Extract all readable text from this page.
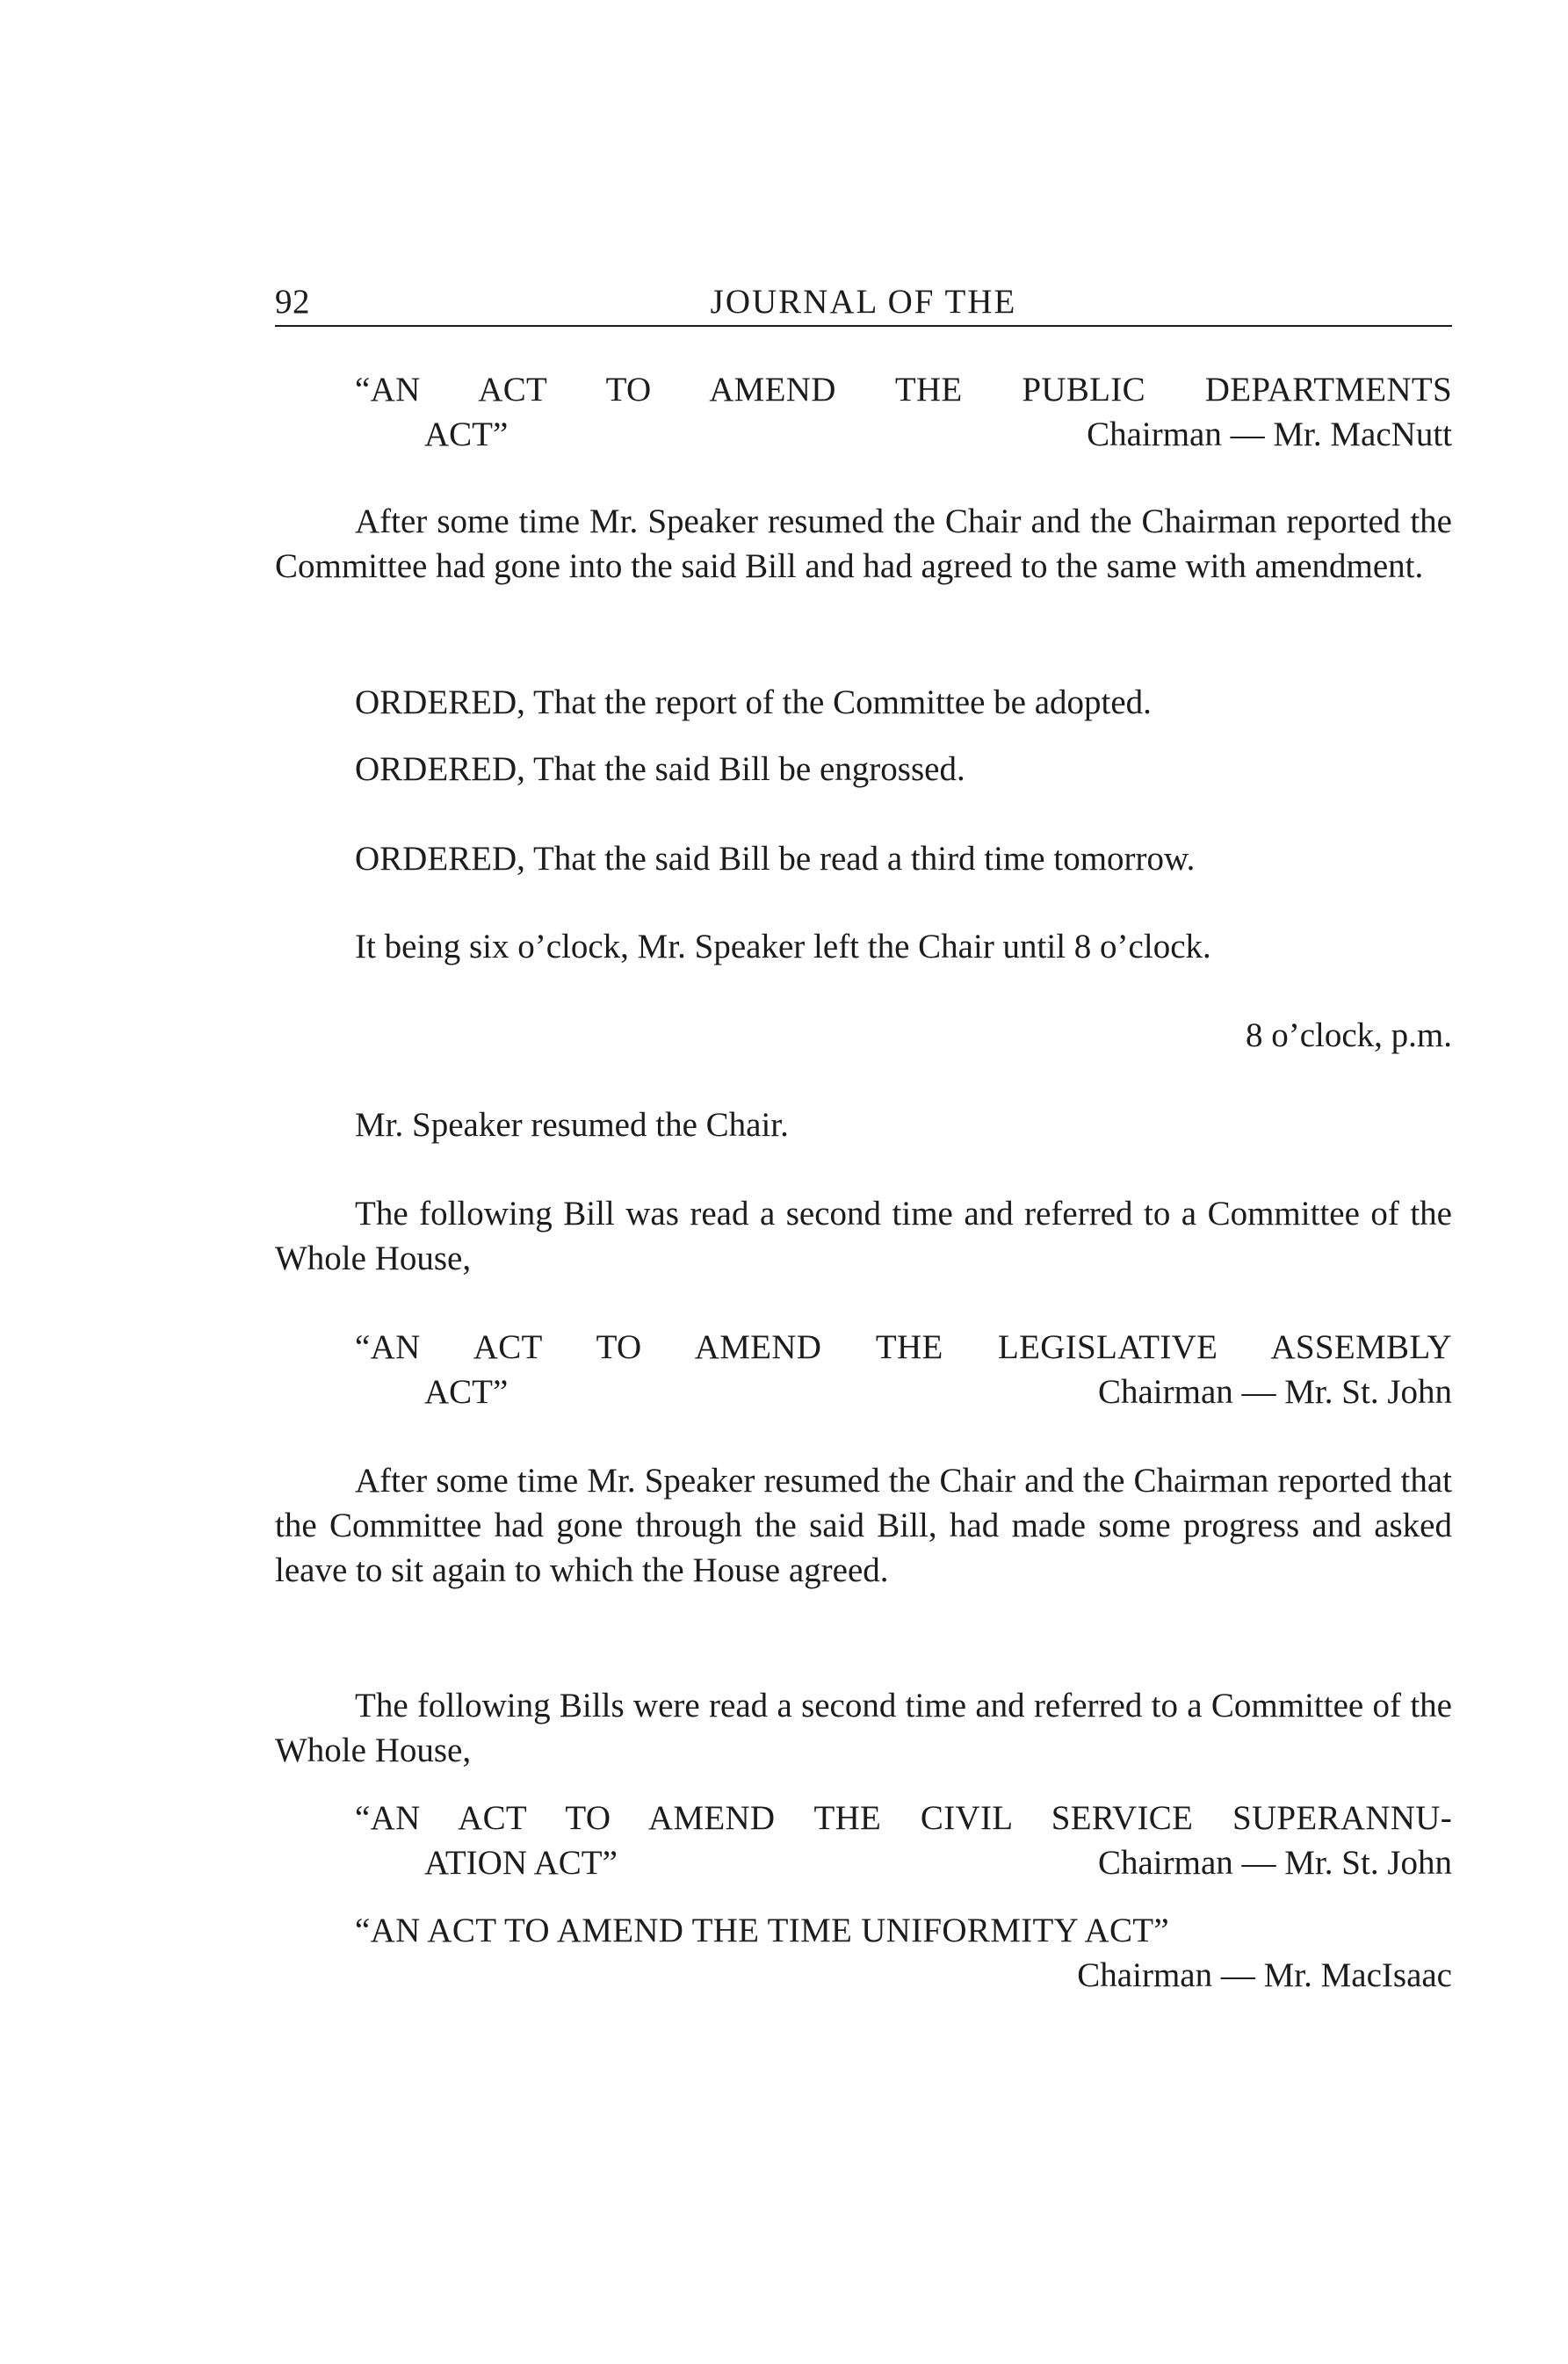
92	JOURNAL OF THE
“AN ACT TO AMEND THE PUBLIC DEPARTMENTS
ACT”	Chairman — Mr. MacNutt
After some time Mr. Speaker resumed the Chair and the Chairman reported the Committee had gone into the said Bill and had agreed to the same with amendment.
ORDERED, That the report of the Committee be adopted.
ORDERED, That the said Bill be engrossed.
ORDERED, That the said Bill be read a third time tomorrow.
It being six o’clock, Mr. Speaker left the Chair until 8 o’clock.
8 o’clock, p.m.
Mr. Speaker resumed the Chair.
The following Bill was read a second time and referred to a Committee of the Whole House,
“AN ACT TO AMEND THE LEGISLATIVE ASSEMBLY
ACT”	Chairman — Mr. St. John
After some time Mr. Speaker resumed the Chair and the Chairman reported that the Committee had gone through the said Bill, had made some progress and asked leave to sit again to which the House agreed.
The following Bills were read a second time and referred to a Committee of the Whole House,
“AN ACT TO AMEND THE CIVIL SERVICE SUPERANNU-
ATION ACT”	Chairman — Mr. St. John
“AN ACT TO AMEND THE TIME UNIFORMITY ACT”
Chairman — Mr. MacIsaac
